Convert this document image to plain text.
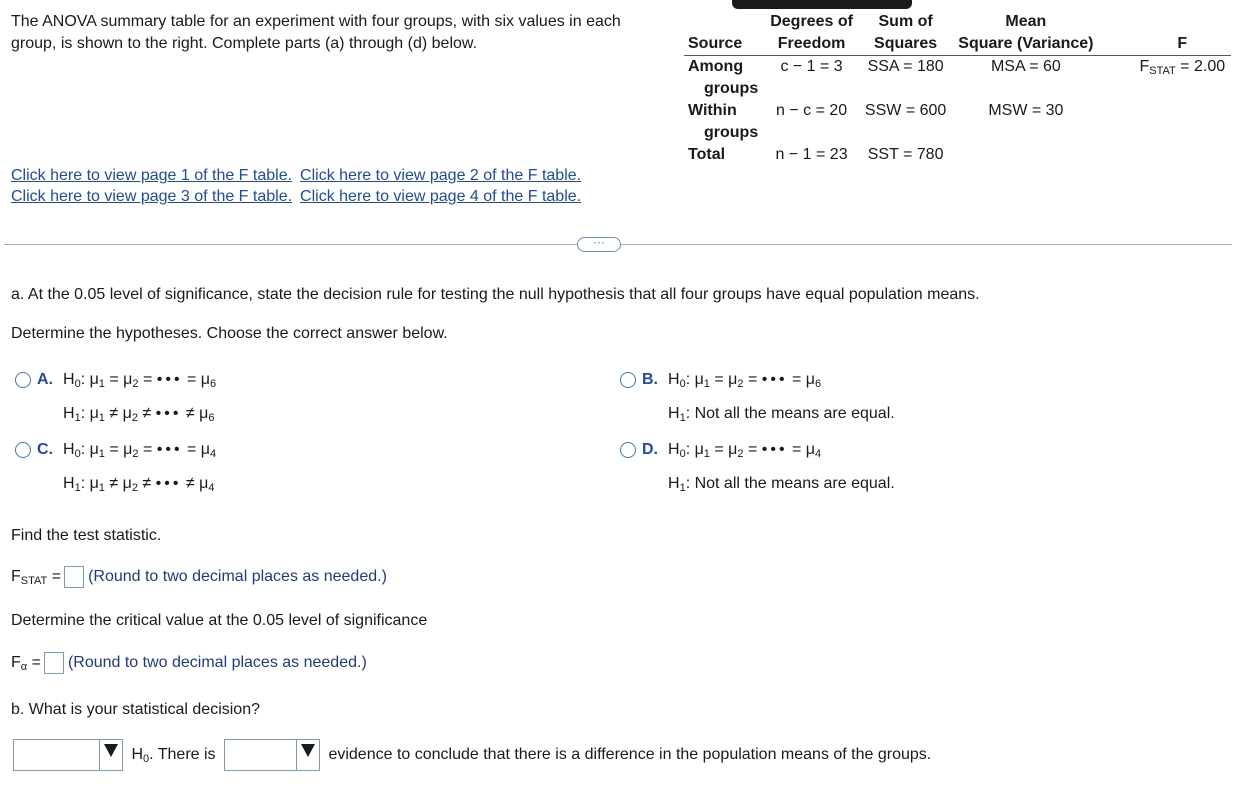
The ANOVA summary table for an experiment with four groups, with six values in each group, is shown to the right. Complete parts (a) through (d) below.
Click here to view page 1 of the F table. Click here to view page 2 of the F table.
Click here to view page 3 of the F table. Click here to view page 4 of the F table.
	Degrees of	Sum of	Mean	
Source	Freedom	Squares	Square (Variance)	F
Among
groups	c − 1 = 3	SSA = 180	MSA = 60	$F_{STAT} = 2.00$
Within
groups	n − c = 20	SSW = 600	MSW = 30	
Total	n − 1 = 23	SST = 780		
···
a. At the 0.05 level of significance, state the decision rule for testing the null hypothesis that all four groups have equal population means.
Determine the hypotheses. Choose the correct answer below.
A. $H_0$: $\mu_1 = \mu_2$ = ••• = $\mu_6$
$H_1$: $\mu_1 \ne \mu_2$ ≠ ••• ≠ $\mu_6$
B. $H_0$: $\mu_1 = \mu_2$ = ••• = $\mu_6$
$H_1$: Not all the means are equal.
C. $H_0$: $\mu_1 = \mu_2$ = ••• = $\mu_4$
$H_1$: $\mu_1 \ne \mu_2$ ≠ ••• ≠ $\mu_4$
D. $H_0$: $\mu_1 = \mu_2$ = ••• = $\mu_4$
$H_1$: Not all the means are equal.
Find the test statistic.
$F_{STAT}$ = (Round to two decimal places as needed.)
Determine the critical value at the 0.05 level of significance
$F_\alpha$ = (Round to two decimal places as needed.)
b. What is your statistical decision?
$H_0$. There is	evidence to conclude that there is a difference in the population means of the groups.
